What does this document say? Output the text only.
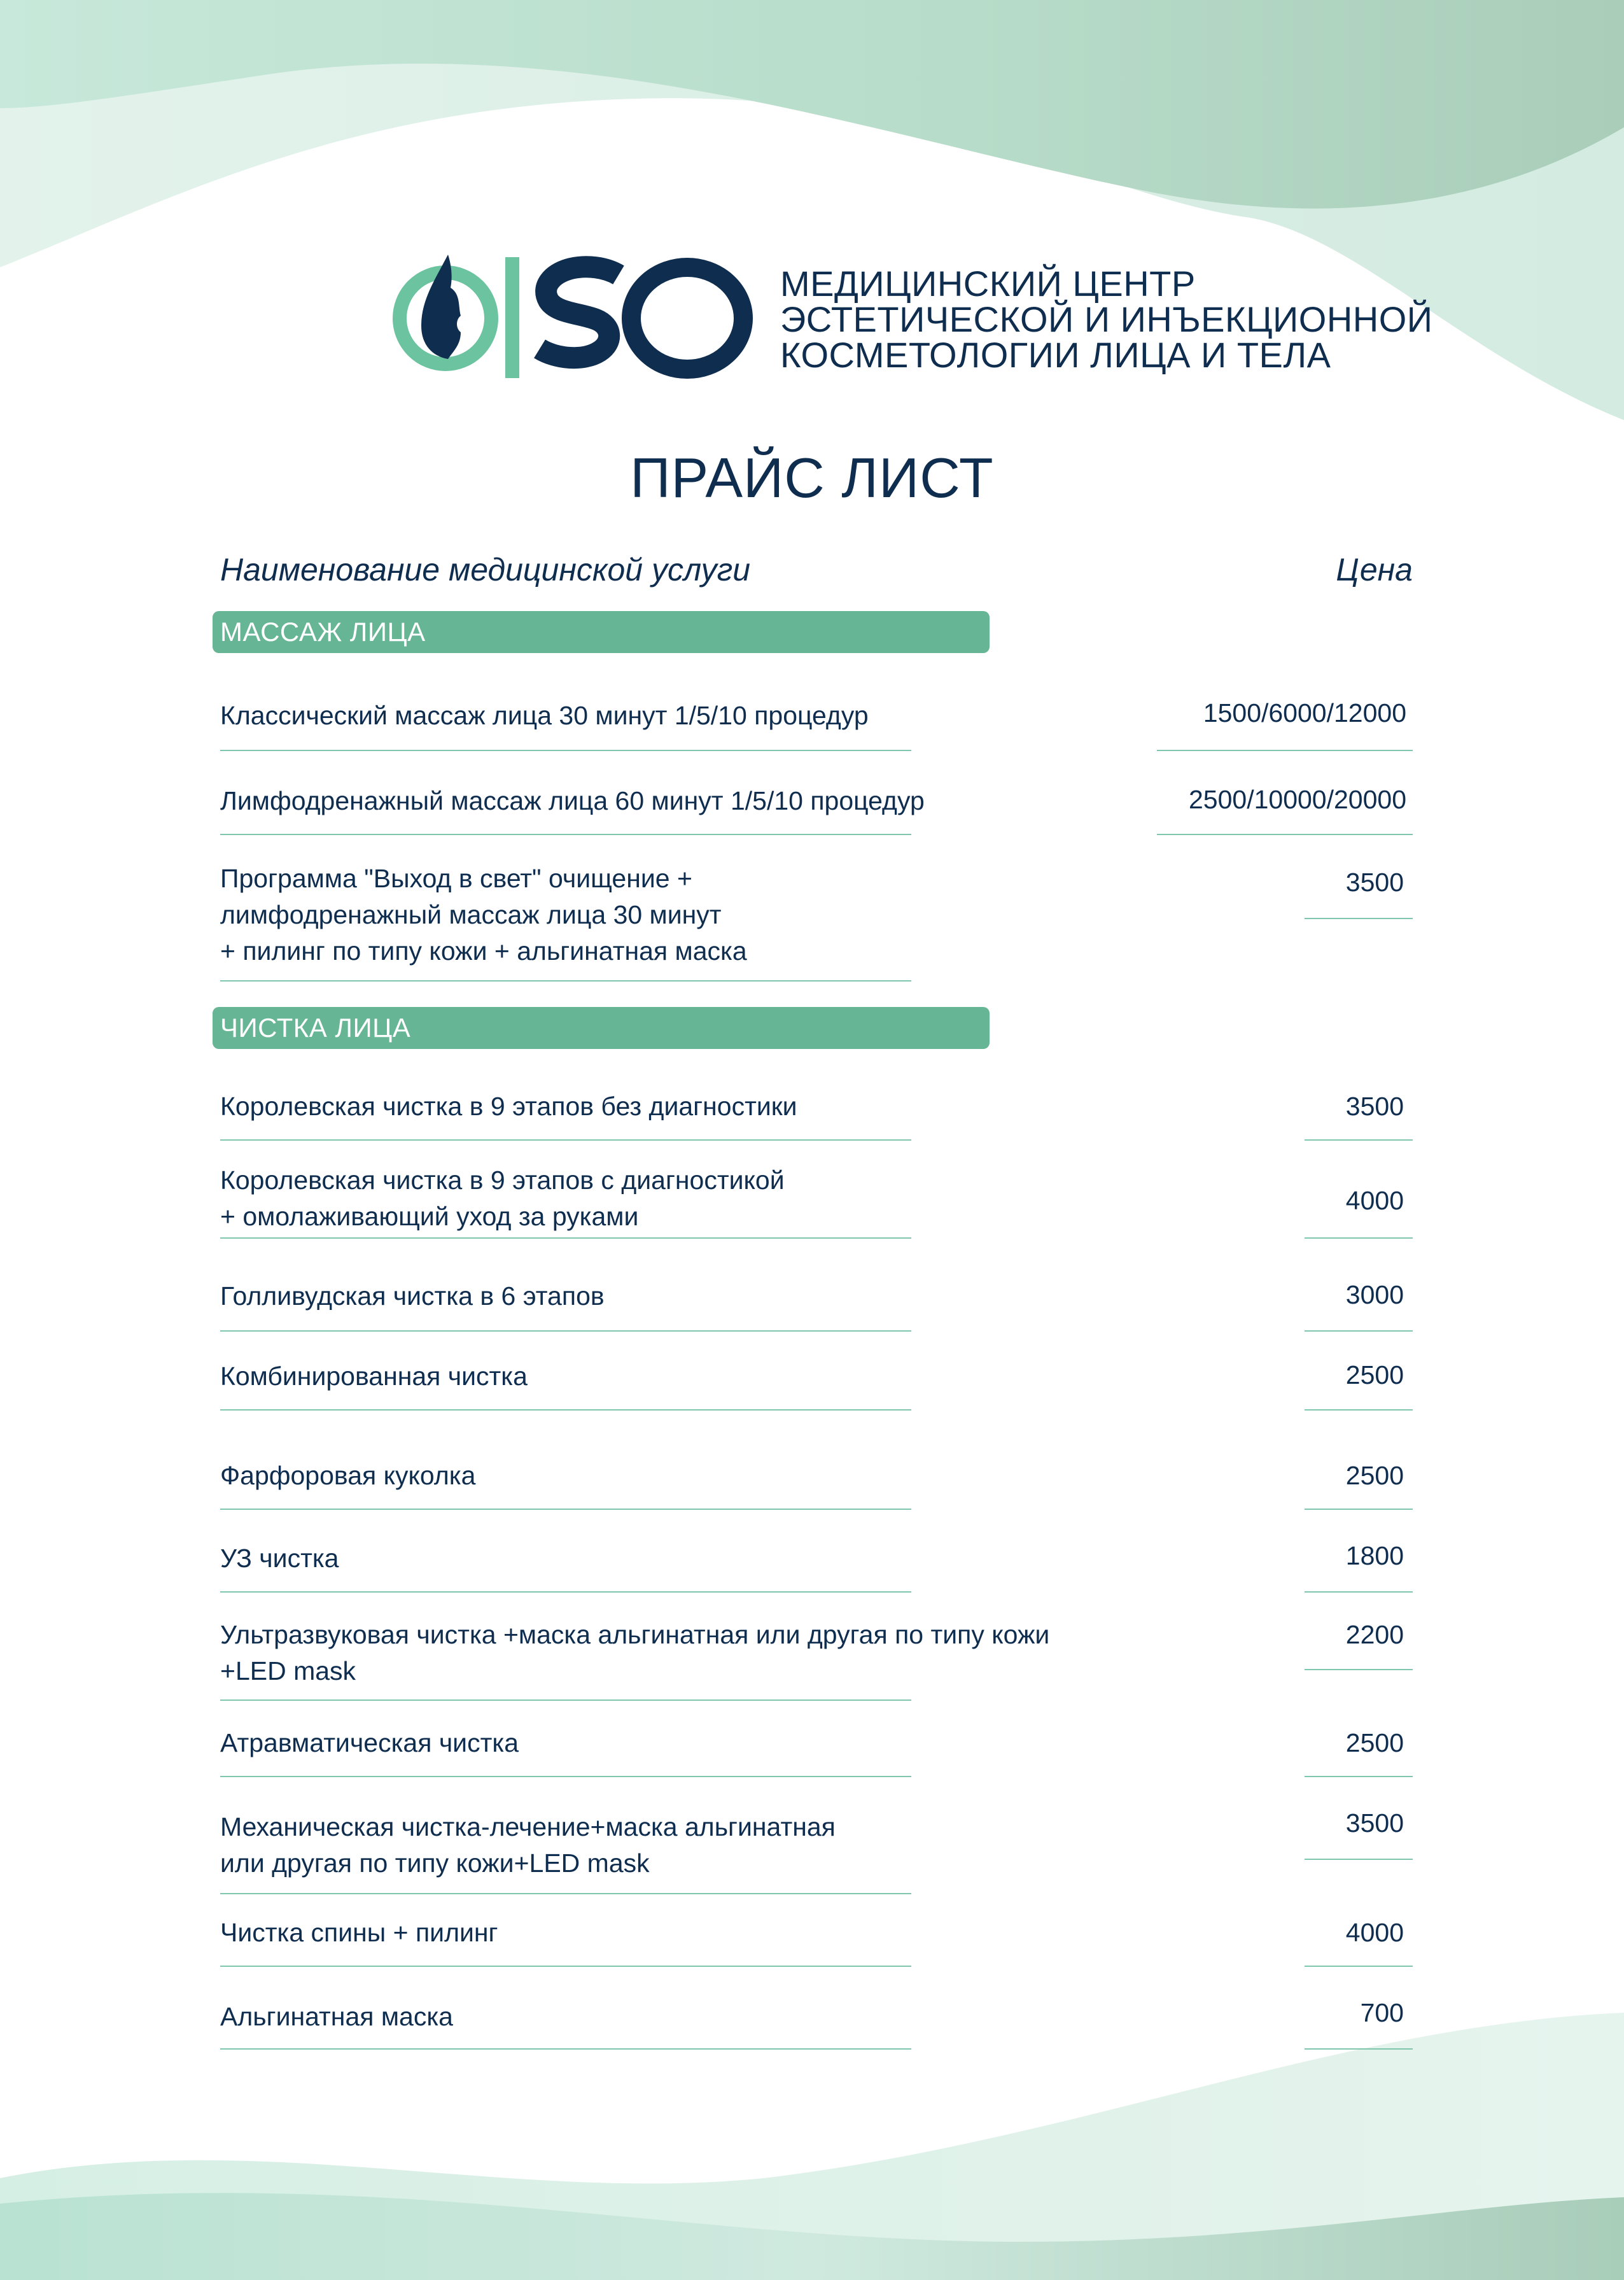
МЕДИЦИНСКИЙ ЦЕНТР
ЭСТЕТИЧЕСКОЙ И ИНЪЕКЦИОННОЙ
КОСМЕТОЛОГИИ ЛИЦА И ТЕЛА
ПРАЙС ЛИСТ
Наименование медицинской услуги	Цена
МАССАЖ ЛИЦА
Классический массаж лица 30 минут 1/5/10 процедур	1500/6000/12000
Лимфодренажный массаж лица 60 минут 1/5/10 процедур	2500/10000/20000
Программа "Выход в свет" очищение +
лимфодренажный массаж лица 30 минут
+ пилинг по типу кожи + альгинатная маска
3500
ЧИСТКА ЛИЦА
Королевская чистка в 9 этапов без диагностики	3500
Королевская чистка в 9 этапов с диагностикой
+ омолаживающий уход за руками
4000
Голливудская чистка в 6 этапов	3000
Комбинированная чистка	2500
Фарфоровая куколка	2500
УЗ чистка	1800
Ультразвуковая чистка +маска альгинатная или другая по типу кожи
+LED mask
2200
Атравматическая чистка	2500
Механическая чистка-лечение+маска альгинатная
или другая по типу кожи+LED mask
3500
Чистка спины + пилинг	4000
Альгинатная маска	700
